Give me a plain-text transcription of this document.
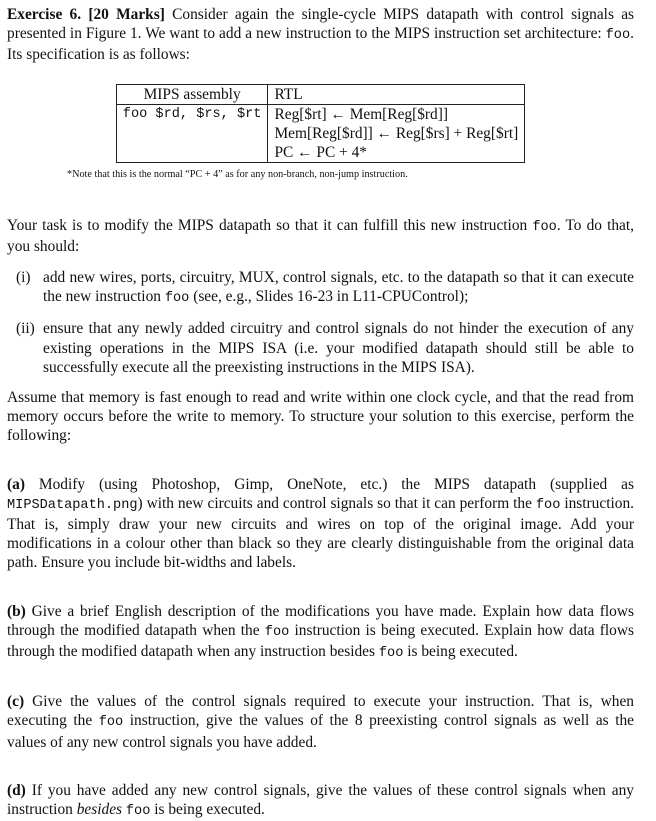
Exercise 6. [20 Marks] Consider again the single-cycle MIPS datapath with control signals as presented in Figure 1. We want to add a new instruction to the MIPS instruction set architecture: foo. Its specification is as follows:

MIPS assembly	RTL
foo $rd, $rs, $rt	Reg[$rt] ← Mem[Reg[$rd]]
	Mem[Reg[$rd]] ← Reg[$rs] + Reg[$rt]
	PC ← PC + 4*
*Note that this is the normal “PC + 4” as for any non-branch, non-jump instruction.

Your task is to modify the MIPS datapath so that it can fulfill this new instruction foo. To do that, you should:

(i) add new wires, ports, circuitry, MUX, control signals, etc. to the datapath so that it can execute the new instruction foo (see, e.g., Slides 16-23 in L11-CPUControl);
(ii) ensure that any newly added circuitry and control signals do not hinder the execution of any existing operations in the MIPS ISA (i.e. your modified datapath should still be able to successfully execute all the preexisting instructions in the MIPS ISA).

Assume that memory is fast enough to read and write within one clock cycle, and that the read from memory occurs before the write to memory. To structure your solution to this exercise, perform the following:

(a) Modify (using Photoshop, Gimp, OneNote, etc.) the MIPS datapath (supplied as MIPSDatapath.png) with new circuits and control signals so that it can perform the foo instruction. That is, simply draw your new circuits and wires on top of the original image. Add your modifications in a colour other than black so they are clearly distinguishable from the original data path. Ensure you include bit-widths and labels.

(b) Give a brief English description of the modifications you have made. Explain how data flows through the modified datapath when the foo instruction is being executed. Explain how data flows through the modified datapath when any instruction besides foo is being executed.

(c) Give the values of the control signals required to execute your instruction. That is, when executing the foo instruction, give the values of the 8 preexisting control signals as well as the values of any new control signals you have added.

(d) If you have added any new control signals, give the values of these control signals when any instruction besides foo is being executed.
